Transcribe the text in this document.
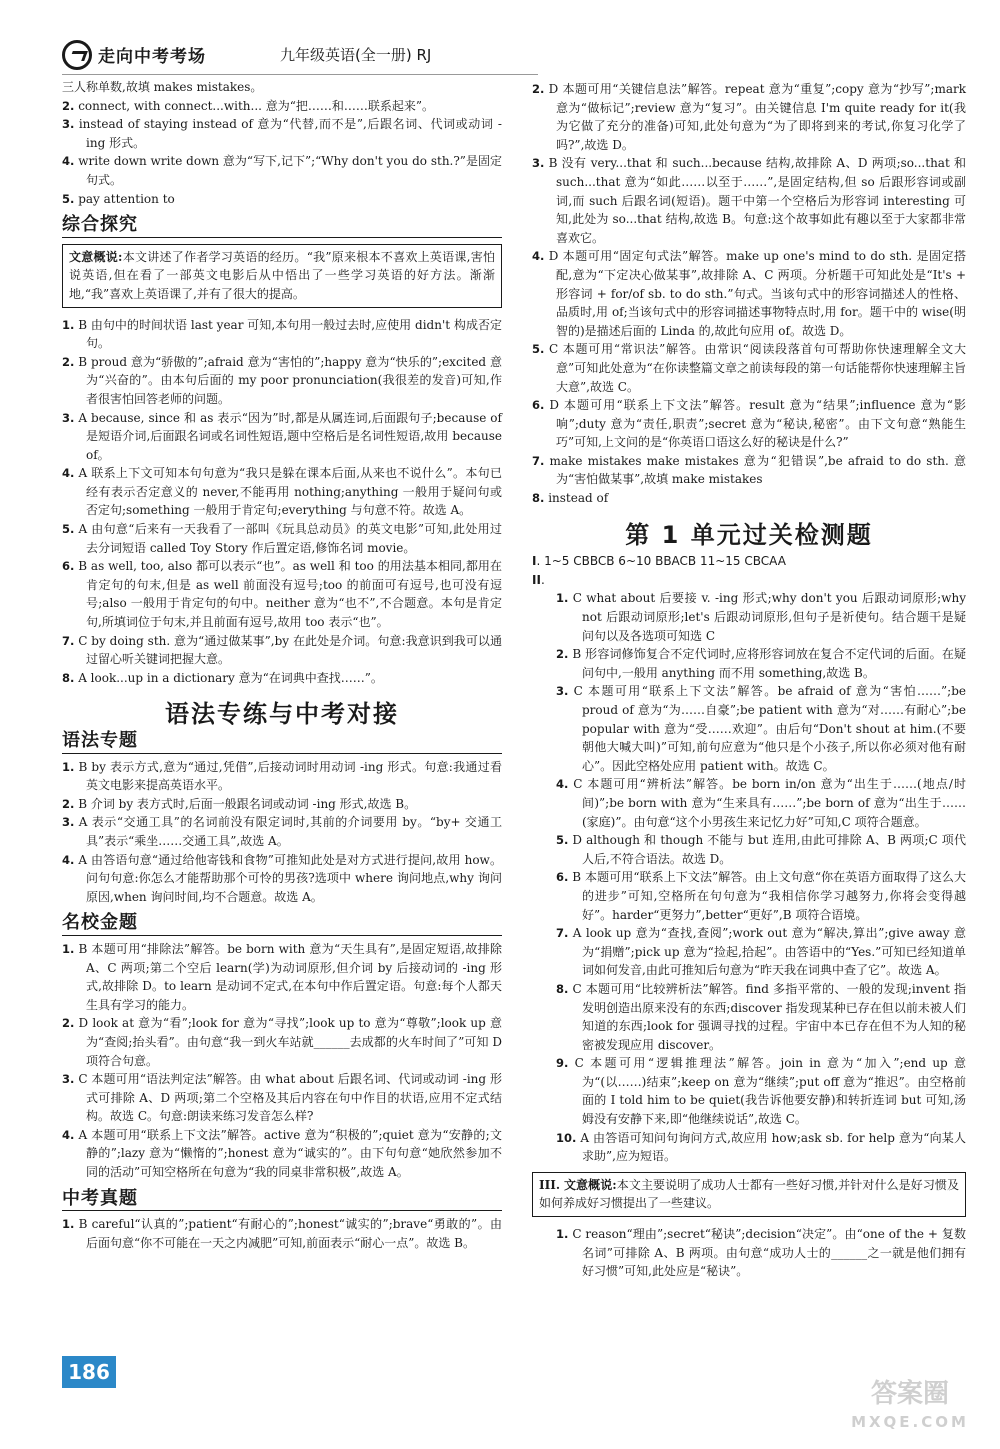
走向中考考场	九年级英语(全一册) RJ

三人称单数,故填 makes mistakes。

2. connect, with connect...with... 意为“把……和……联系起来”。

3. instead of staying instead of 意为“代替,而不是”,后跟名词、代词或动词 -ing 形式。

4. write down write down 意为“写下,记下”;“Why don't you do sth.?”是固定句式。

5. pay attention to

综合探究
文意概说:本文讲述了作者学习英语的经历。“我”原来根本不喜欢上英语课,害怕说英语,但在看了一部英文电影后从中悟出了一些学习英语的好方法。渐渐地,“我”喜欢上英语课了,并有了很大的提高。

1. B 由句中的时间状语 last year 可知,本句用一般过去时,应使用 didn't 构成否定句。

2. B proud 意为“骄傲的”;afraid 意为“害怕的”;happy 意为“快乐的”;excited 意为“兴奋的”。由本句后面的 my poor pronunciation(我很差的发音)可知,作者很害怕回答老师的问题。

3. A because, since 和 as 表示“因为”时,都是从属连词,后面跟句子;because of 是短语介词,后面跟名词或名词性短语,题中空格后是名词性短语,故用 because of。

4. A 联系上下文可知本句句意为“我只是躲在课本后面,从来也不说什么”。本句已经有表示否定意义的 never,不能再用 nothing;anything 一般用于疑问句或否定句;something 一般用于肯定句;everything 与句意不符。故选 A。

5. A 由句意“后来有一天我看了一部叫《玩具总动员》的英文电影”可知,此处用过去分词短语 called Toy Story 作后置定语,修饰名词 movie。

6. B as well, too, also 都可以表示“也”。as well 和 too 的用法基本相同,都用在肯定句的句末,但是 as well 前面没有逗号;too 的前面可有逗号,也可没有逗号;also 一般用于肯定句的句中。neither 意为“也不”,不合题意。本句是肯定句,所填词位于句末,并且前面有逗号,故用 too 表示“也”。

7. C by doing sth. 意为“通过做某事”,by 在此处是介词。句意:我意识到我可以通过留心听关键词把握大意。

8. A look...up in a dictionary 意为“在词典中查找……”。

语法专练与中考对接
语法专题

1. B by 表示方式,意为“通过,凭借”,后接动词时用动词 -ing 形式。句意:我通过看英文电影来提高英语水平。

2. B 介词 by 表方式时,后面一般跟名词或动词 -ing 形式,故选 B。

3. A 表示“交通工具”的名词前没有限定词时,其前的介词要用 by。“by+ 交通工具”表示“乘坐……交通工具”,故选 A。

4. A 由答语句意“通过给他寄钱和食物”可推知此处是对方式进行提问,故用 how。问句句意:你怎么才能帮助那个可怜的男孩?选项中 where 询问地点,why 询问原因,when 询问时间,均不合题意。故选 A。

名校金题

1. B 本题可用“排除法”解答。be born with 意为“天生具有”,是固定短语,故排除 A、C 两项;第二个空后 learn(学)为动词原形,但介词 by 后接动词的 -ing 形式,故排除 D。to learn 是动词不定式,在本句中作后置定语。句意:每个人都天生具有学习的能力。

2. D look at 意为“看”;look for 意为“寻找”;look up to 意为“尊敬”;look up 意为“查阅;抬头看”。由句意“我一到火车站就______去成都的火车时间了”可知 D 项符合句意。

3. C 本题可用“语法判定法”解答。由 what about 后跟名词、代词或动词 -ing 形式可排除 A、D 两项;第二个空格及其后内容在句中作目的状语,应用不定式结构。故选 C。句意:朗读来练习发音怎么样?

4. A 本题可用“联系上下文法”解答。active 意为“积极的”;quiet 意为“安静的;文静的”;lazy 意为“懒惰的”;honest 意为“诚实的”。由下句句意“她欣然参加不同的活动”可知空格所在句意为“我的同桌非常积极”,故选 A。

中考真题

1. B careful“认真的”;patient“有耐心的”;honest“诚实的”;brave“勇敢的”。由后面句意“你不可能在一天之内减肥”可知,前面表示“耐心一点”。故选 B。

2. D 本题可用“关键信息法”解答。repeat 意为“重复”;copy 意为“抄写”;mark 意为“做标记”;review 意为“复习”。由关键信息 I'm quite ready for it(我为它做了充分的准备)可知,此处句意为“为了即将到来的考试,你复习化学了吗?”,故选 D。

3. B 没有 very...that 和 such...because 结构,故排除 A、D 两项;so...that 和 such...that 意为“如此……以至于……”,是固定结构,但 so 后跟形容词或副词,而 such 后跟名词(短语)。题干中第一个空格后为形容词 interesting 可知,此处为 so...that 结构,故选 B。句意:这个故事如此有趣以至于大家都非常喜欢它。

4. D 本题可用“固定句式法”解答。make up one's mind to do sth. 是固定搭配,意为“下定决心做某事”,故排除 A、C 两项。分析题干可知此处是“It's + 形容词 + for/of sb. to do sth.”句式。当该句式中的形容词描述人的性格、品质时,用 of;当该句式中的形容词描述事物特点时,用 for。题干中的 wise(明智的)是描述后面的 Linda 的,故此句应用 of。故选 D。

5. C 本题可用“常识法”解答。由常识“阅读段落首句可帮助你快速理解全文大意”可知此处意为“在你读整篇文章之前读每段的第一句话能帮你快速理解主旨大意”,故选 C。

6. D 本题可用“联系上下文法”解答。result 意为“结果”;influence 意为“影响”;duty 意为“责任,职责”;secret 意为“秘诀,秘密”。由下文句意“熟能生巧”可知,上文问的是“你英语口语这么好的秘诀是什么?”

7. make mistakes make mistakes 意为“犯错误”,be afraid to do sth. 意为“害怕做某事”,故填 make mistakes

8. instead of

第 1 单元过关检测题

I. 1~5 CBBCB 6~10 BBACB 11~15 CBCAA

II.

1. C what about 后要接 v. -ing 形式;why don't you 后跟动词原形;why not 后跟动词原形;let's 后跟动词原形,但句子是祈使句。结合题干是疑问句以及各选项可知选 C

2. B 形容词修饰复合不定代词时,应将形容词放在复合不定代词的后面。在疑问句中,一般用 anything 而不用 something,故选 B。

3. C 本题可用“联系上下文法”解答。be afraid of 意为“害怕……”;be proud of 意为“为……自豪”;be patient with 意为“对……有耐心”;be popular with 意为“受……欢迎”。由后句“Don't shout at him.(不要朝他大喊大叫)”可知,前句应意为“他只是个小孩子,所以你必须对他有耐心”。因此空格处应用 patient with。故选 C。

4. C 本题可用“辨析法”解答。be born in/on 意为“出生于……(地点/时间)”;be born with 意为“生来具有……”;be born of 意为“出生于……(家庭)”。由句意“这个小男孩生来记忆力好”可知,C 项符合题意。

5. D although 和 though 不能与 but 连用,由此可排除 A、B 两项;C 项代人后,不符合语法。故选 D。

6. B 本题可用“联系上下文法”解答。由上文句意“你在英语方面取得了这么大的进步”可知,空格所在句句意为“我相信你学习越努力,你将会变得越好”。harder“更努力”,better“更好”,B 项符合语境。

7. A look up 意为“查找,查阅”;work out 意为“解决,算出”;give away 意为“捐赠”;pick up 意为“捡起,拾起”。由答语中的“Yes.”可知已经知道单词如何发音,由此可推知后句意为“昨天我在词典中查了它”。故选 A。

8. C 本题可用“比较辨析法”解答。find 多指平常的、一般的发现;invent 指发明创造出原来没有的东西;discover 指发现某种已存在但以前未被人们知道的东西;look for 强调寻找的过程。宇宙中本已存在但不为人知的秘密被发现应用 discover。

9. C 本题可用“逻辑推理法”解答。join in 意为“加入”;end up 意为“(以……)结束”;keep on 意为“继续”;put off 意为“推迟”。由空格前面的 I told him to be quiet(我告诉他要安静)和转折连词 but 可知,汤姆没有安静下来,即“他继续说话”,故选 C。

10. A 由答语可知问句询问方式,故应用 how;ask sb. for help 意为“向某人求助”,应为短语。

III. 文意概说:本文主要说明了成功人士都有一些好习惯,并针对什么是好习惯及如何养成好习惯提出了一些建议。

1. C reason“理由”;secret“秘诀”;decision“决定”。由“one of the + 复数名词”可排除 A、B 两项。由句意“成功人士的______之一就是他们拥有好习惯”可知,此处应是“秘诀”。

186
答案圈
MXQE.COM
